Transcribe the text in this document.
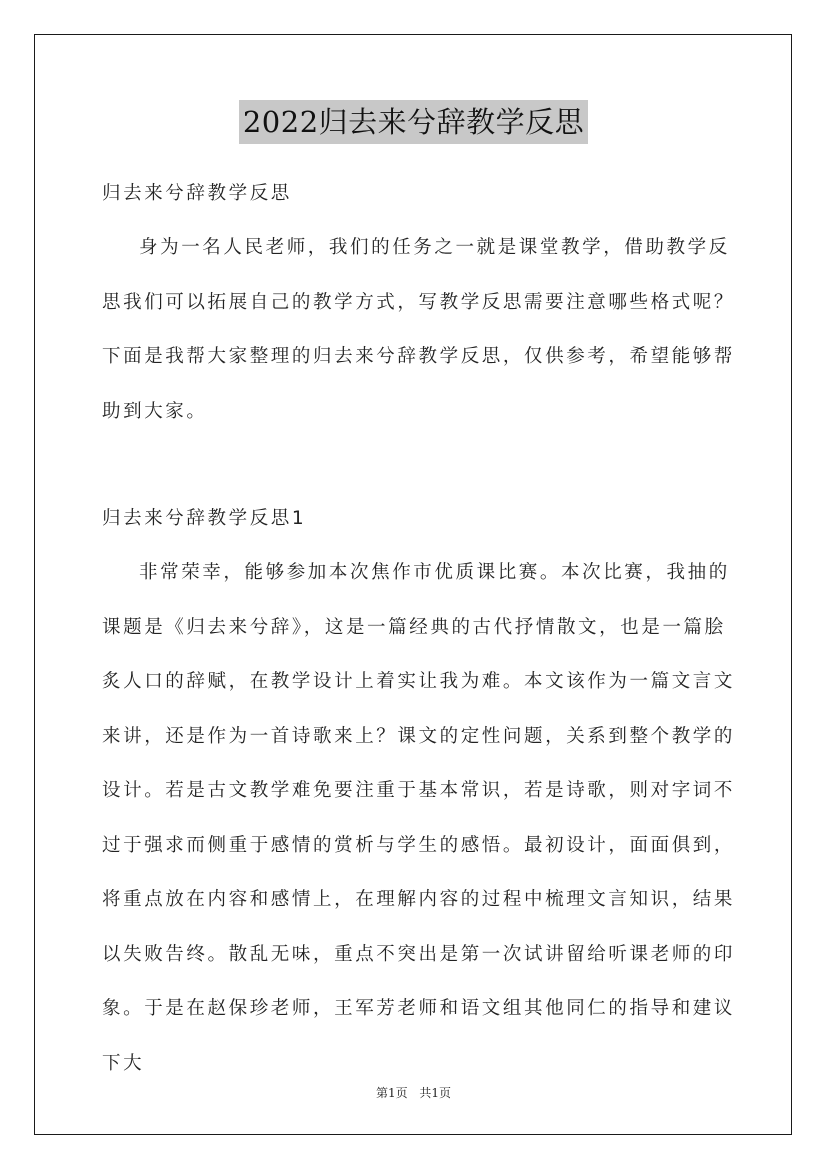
2022归去来兮辞教学反思
归去来兮辞教学反思

身为一名人民老师，我们的任务之一就是课堂教学，借助教学反思我们可以拓展自己的教学方式，写教学反思需要注意哪些格式呢？下面是我帮大家整理的归去来兮辞教学反思，仅供参考，希望能够帮助到大家。

归去来兮辞教学反思1

非常荣幸，能够参加本次焦作市优质课比赛。本次比赛，我抽的课题是《归去来兮辞》，这是一篇经典的古代抒情散文，也是一篇脍炙人口的辞赋，在教学设计上着实让我为难。本文该作为一篇文言文来讲，还是作为一首诗歌来上？课文的定性问题，关系到整个教学的设计。若是古文教学难免要注重于基本常识，若是诗歌，则对字词不过于强求而侧重于感情的赏析与学生的感悟。最初设计，面面俱到，将重点放在内容和感情上，在理解内容的过程中梳理文言知识，结果以失败告终。散乱无味，重点不突出是第一次试讲留给听课老师的印象。于是在赵保珍老师，王军芳老师和语文组其他同仁的指导和建议下大

第1页 共1页
